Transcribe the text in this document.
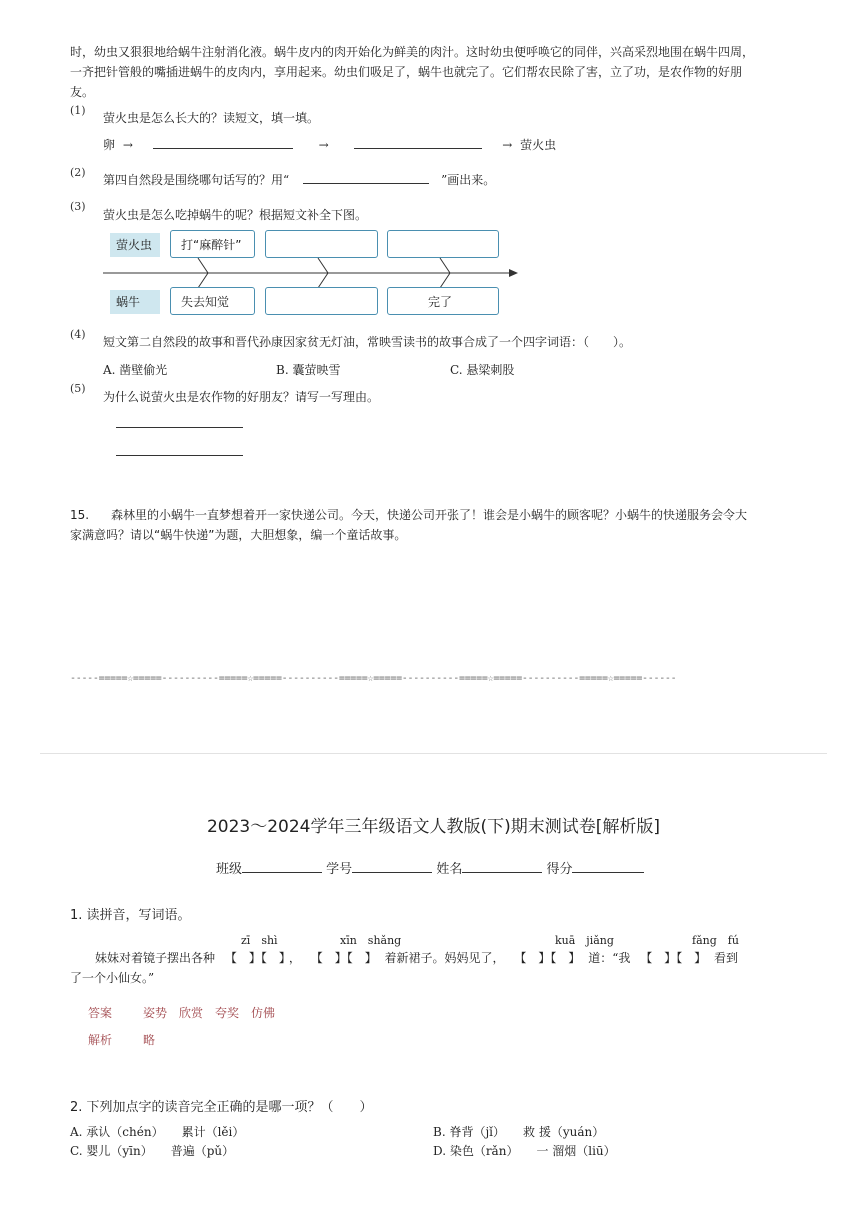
时，幼虫又狠狠地给蜗牛注射消化液。蜗牛皮内的肉开始化为鲜美的肉汁。这时幼虫便呼唤它的同伴，兴高采烈地围在蜗牛四周，
一齐把针管般的嘴插进蜗牛的皮肉内，享用起来。幼虫们吸足了，蜗牛也就完了。它们帮农民除了害，立了功，是农作物的好朋
友。
(1)
萤火虫是怎么长大的？读短文，填一填。
卵 →	→	→ 萤火虫
(2)
第四自然段是围绕哪句话写的？用“	”画出来。
(3)
萤火虫是怎么吃掉蜗牛的呢？根据短文补全下图。
萤火虫	打“麻醉针”
蜗牛	失去知觉	完了
(4)
短文第二自然段的故事和晋代孙康因家贫无灯油，常映雪读书的故事合成了一个四字词语：（　　）。
A. 凿壁偷光	B. 囊萤映雪	C. 悬梁刺股
(5)
为什么说萤火虫是农作物的好朋友？请写一写理由。
15. 森林里的小蜗牛一直梦想着开一家快递公司。今天，快递公司开张了！谁会是小蜗牛的顾客呢？小蜗牛的快递服务会令大
家满意吗？请以“蜗牛快递”为题，大胆想象，编一个童话故事。
-----=====☆=====----------=====☆=====----------=====☆=====----------=====☆=====----------=====☆=====------
2023～2024学年三年级语文人教版(下)期末测试卷[解析版]
班级	学号	姓名	得分
1. 读拼音，写词语。
zī　shì	xīn　shǎng	kuā　jiǎng	fǎng　fú
妹妹对着镜子摆出各种 【　】【　】 ， 【　】【　】 着新裙子。妈妈见了， 【　】【　】 道：“我 【　】【　】 看到
了一个小仙女。”
答案	姿势　欣赏　夸奖　仿佛
解析	略
2. 下列加点字的读音完全正确的是哪一项？（　　）
A. 承认（chén）　　累计（lěi）	B. 脊背（jǐ）　　救 援（yuán）
C. 婴儿（yīn）　　普遍（pǔ）	D. 染色（rǎn）　　一 溜烟（liū）
